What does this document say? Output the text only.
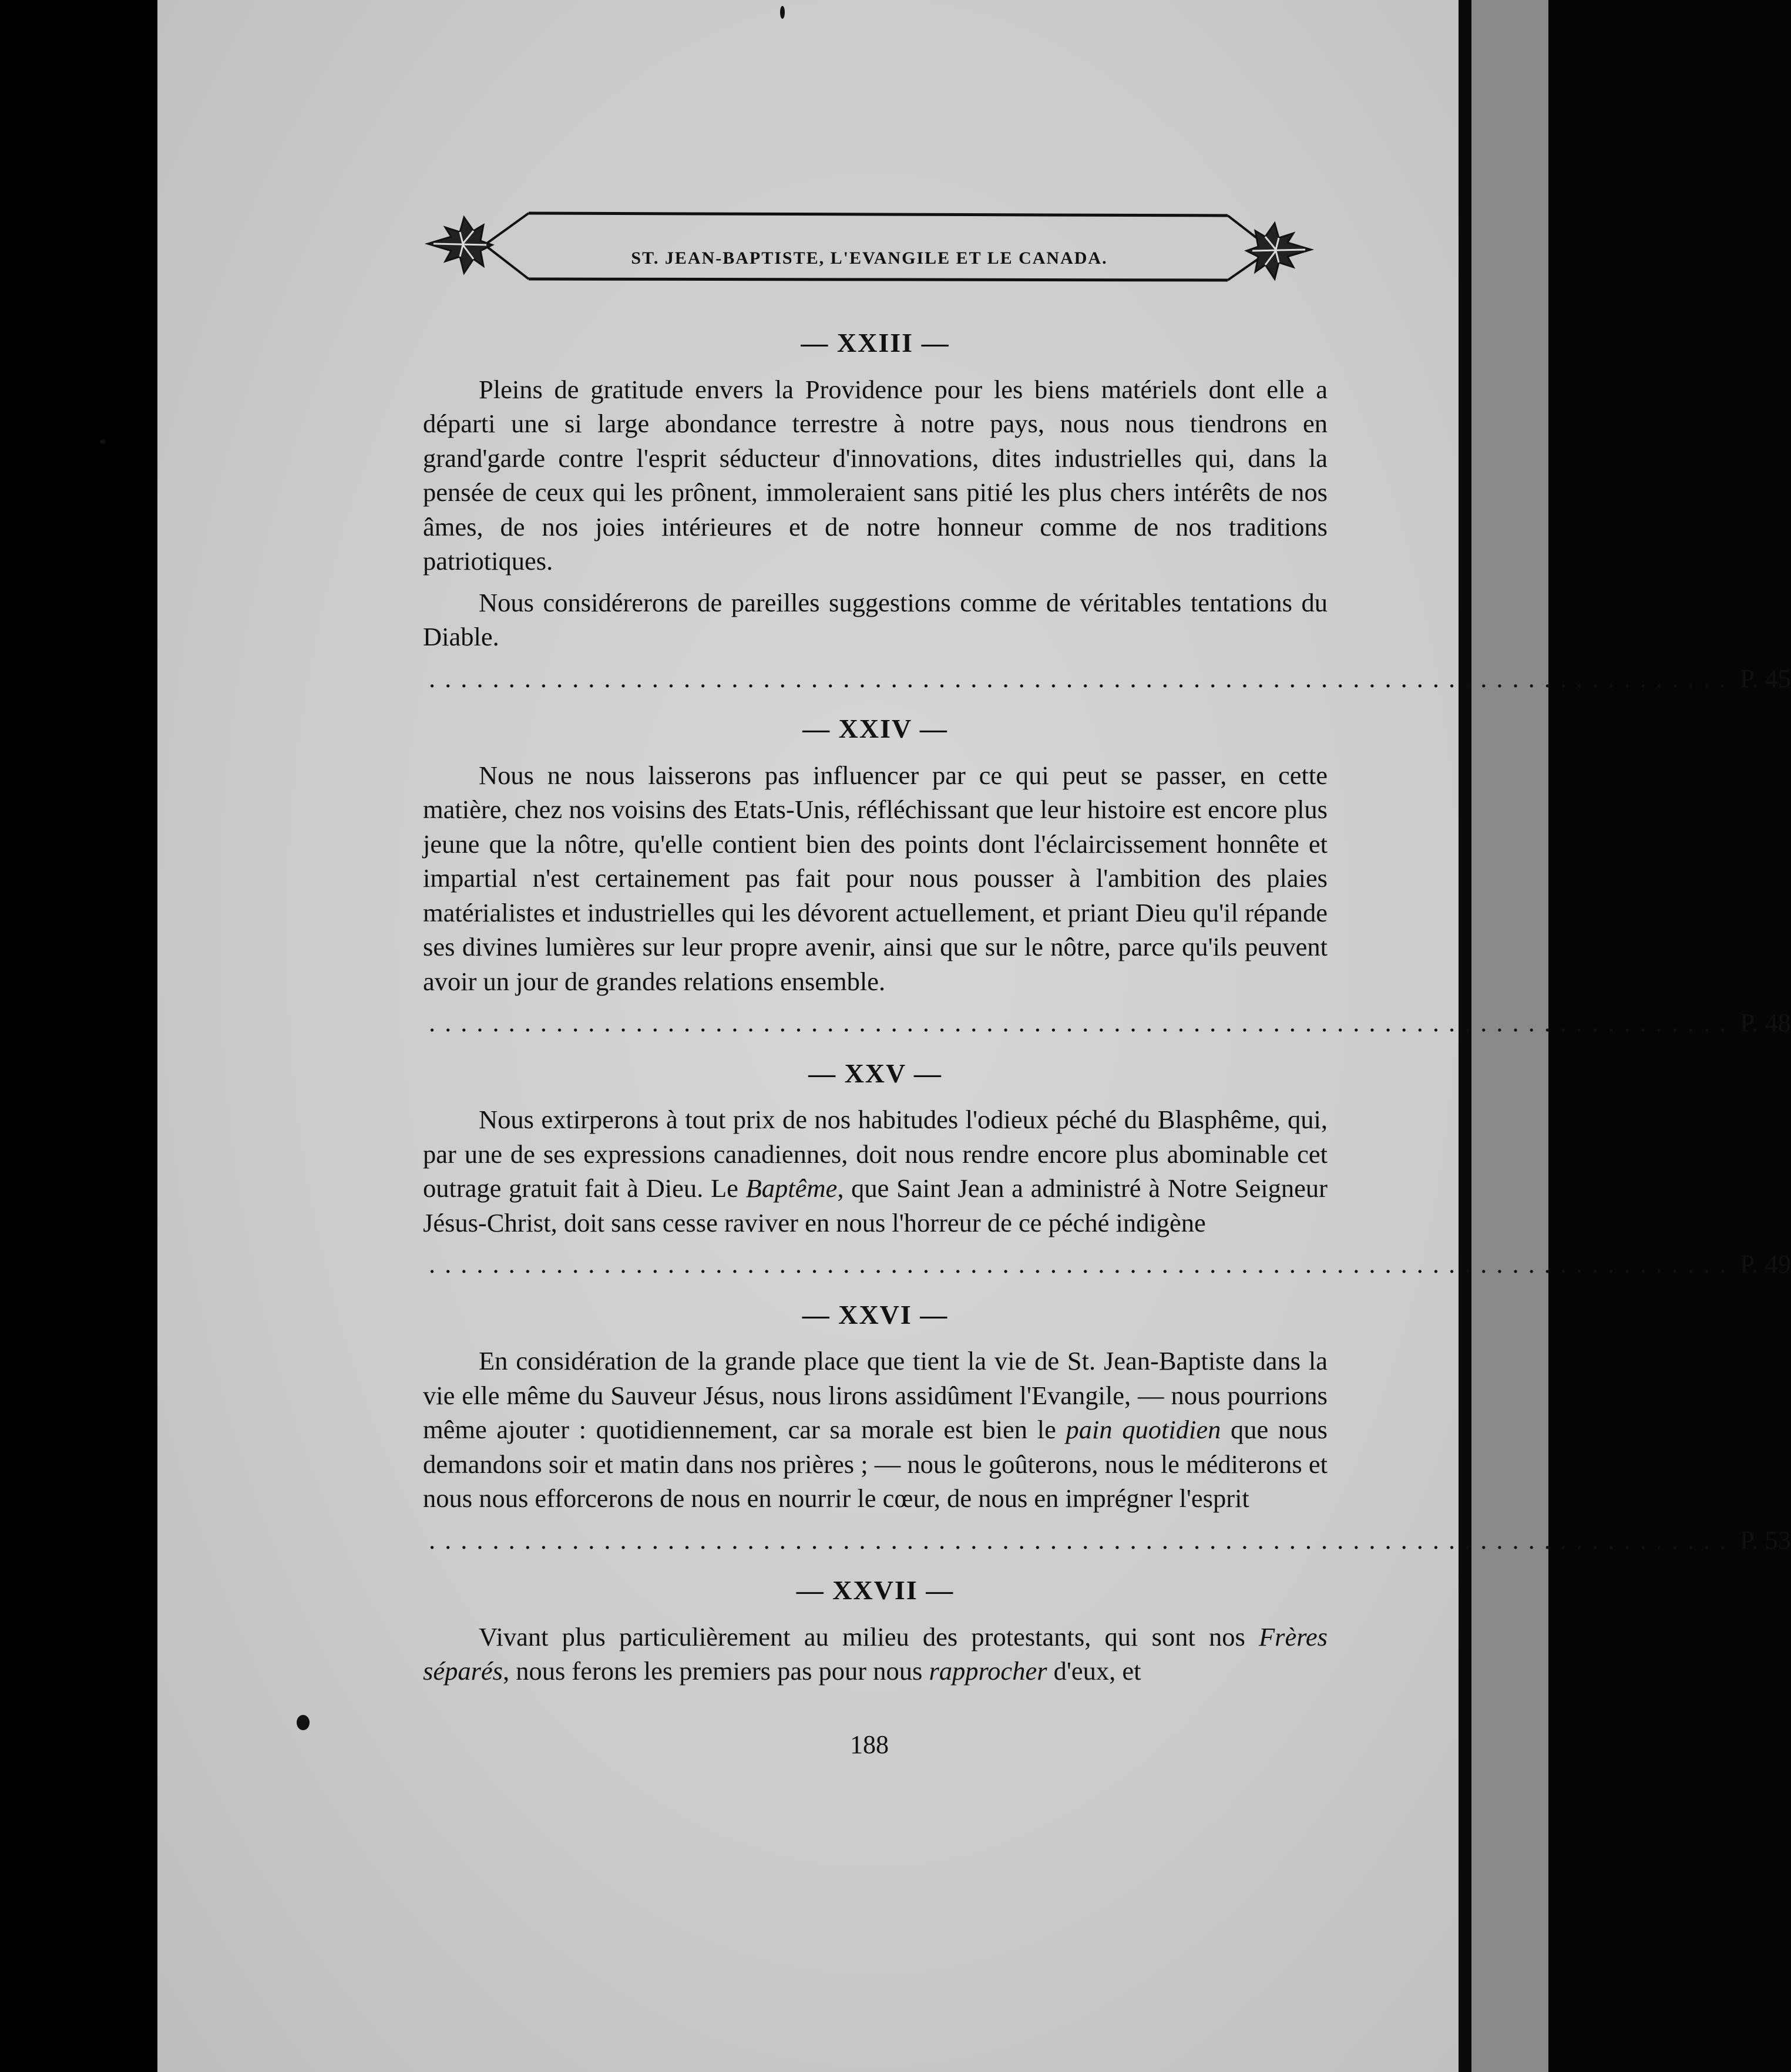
ST. JEAN-BAPTISTE, L'EVANGILE ET LE CANADA.
— XXIII —

Pleins de gratitude envers la Providence pour les biens matériels dont elle a départi une si large abondance terrestre à notre pays, nous nous tiendrons en grand'garde contre l'esprit séducteur d'innovations, dites industrielles qui, dans la pensée de ceux qui les prônent, immoleraient sans pitié les plus chers intérêts de nos âmes, de nos joies intérieures et de notre honneur comme de nos traditions patriotiques.

Nous considérerons de pareilles suggestions comme de véritables tentations du Diable.

.................................................................................. P. 45
— XXIV —

Nous ne nous laisserons pas influencer par ce qui peut se passer, en cette matière, chez nos voisins des Etats-Unis, réfléchissant que leur histoire est encore plus jeune que la nôtre, qu'elle contient bien des points dont l'éclaircissement honnête et impartial n'est certainement pas fait pour nous pousser à l'ambition des plaies matérialistes et industrielles qui les dévorent actuellement, et priant Dieu qu'il répande ses divines lumières sur leur propre avenir, ainsi que sur le nôtre, parce qu'ils peuvent avoir un jour de grandes relations ensemble.

.................................................................................. P. 48
— XXV —

Nous extirperons à tout prix de nos habitudes l'odieux péché du Blasphême, qui, par une de ses expressions canadiennes, doit nous rendre encore plus abominable cet outrage gratuit fait à Dieu. Le Baptême, que Saint Jean a administré à Notre Seigneur Jésus-Christ, doit sans cesse raviver en nous l'horreur de ce péché indigène

.................................................................................. P. 49
— XXVI —

En considération de la grande place que tient la vie de St. Jean-Baptiste dans la vie elle même du Sauveur Jésus, nous lirons assidûment l'Evangile, — nous pourrions même ajouter : quotidiennement, car sa morale est bien le pain quotidien que nous demandons soir et matin dans nos prières ; — nous le goûterons, nous le méditerons et nous nous efforcerons de nous en nourrir le cœur, de nous en imprégner l'esprit

.................................................................................. P. 53
— XXVII —

Vivant plus particulièrement au milieu des protestants, qui sont nos Frères séparés, nous ferons les premiers pas pour nous rapprocher d'eux, et

188
